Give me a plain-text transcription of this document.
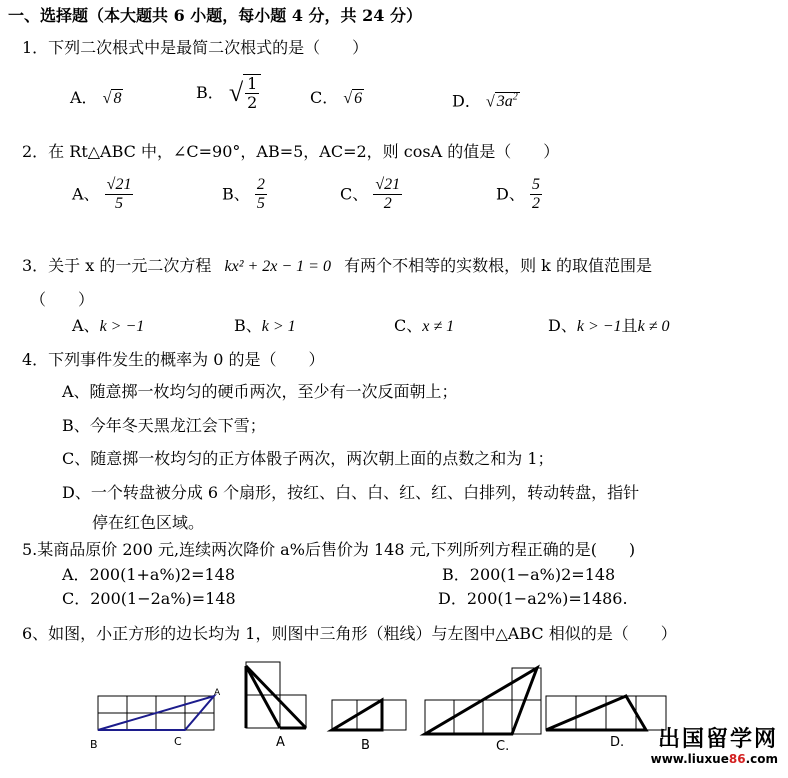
一、选择题（本大题共 6 小题，每小题 4 分，共 24 分）
1．下列二次根式中是最简二次根式的是（　　）
A． √ 8	B． √ $\frac{1}{2}$	C． √ 6	D． √ $3a^2$
2．在 Rt△ABC 中，∠C=90°，AB=5，AC=2，则 cosA 的值是（　　）
A、 $\frac{√21}{5}$	B、 $\frac{2}{5}$	C、 $\frac{√21}{2}$	D、 $\frac{5}{2}$
3．关于 x 的一元二次方程 kx² + 2x − 1 = 0 有两个不相等的实数根，则 k 的取值范围是
（　　）
A、k > −1	B、k > 1	C、x ≠ 1	D、k > −1且k ≠ 0
4．下列事件发生的概率为 0 的是（　　）
A、随意掷一枚均匀的硬币两次，至少有一次反面朝上；
B、今年冬天黑龙江会下雪；
C、随意掷一枚均匀的正方体骰子两次，两次朝上面的点数之和为 1；
D、一个转盘被分成 6 个扇形，按红、白、白、红、红、白排列，转动转盘，指针
停在红色区域。
5.某商品原价 200 元,连续两次降价 a%后售价为 148 元,下列所列方程正确的是(　　)
A．200(1+a%)2=148	B．200(1−a%)2=148
C．200(1−2a%)=148	D．200(1−a2%)=1486.
6、如图，小正方形的边长均为 1，则图中三角形（粗线）与左图中△ABC 相似的是（　　）
B	C
A
A	B	C.	D.	出国留学网
www.liuxue86.com
